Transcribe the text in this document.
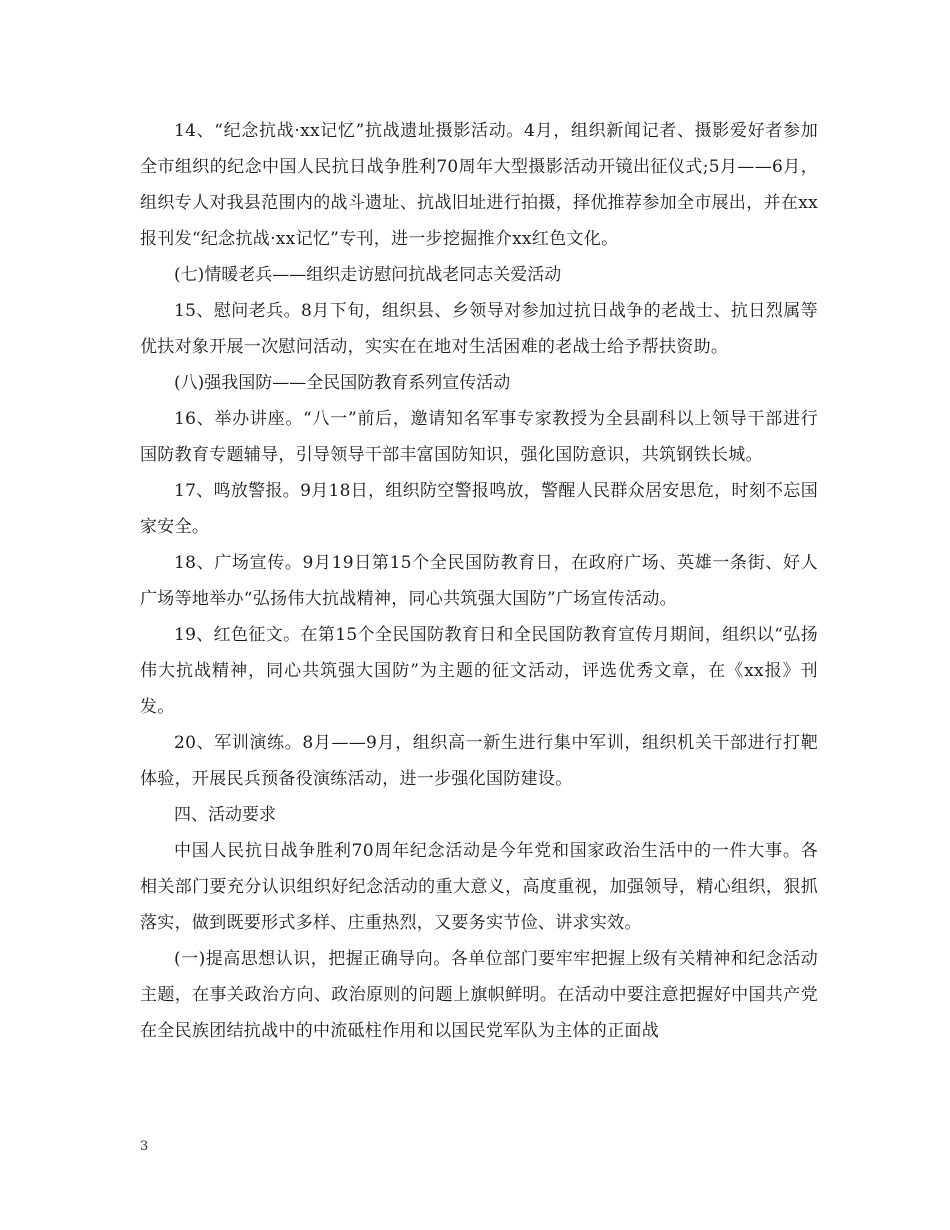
14、“纪念抗战·xx记忆”抗战遗址摄影活动。4月，组织新闻记者、摄影爱好者参加全市组织的纪念中国人民抗日战争胜利70周年大型摄影活动开镜出征仪式;5月——6月，组织专人对我县范围内的战斗遗址、抗战旧址进行拍摄，择优推荐参加全市展出，并在xx报刊发“纪念抗战·xx记忆”专刊，进一步挖掘推介xx红色文化。

(七)情暖老兵——组织走访慰问抗战老同志关爱活动

15、慰问老兵。8月下旬，组织县、乡领导对参加过抗日战争的老战士、抗日烈属等优扶对象开展一次慰问活动，实实在在地对生活困难的老战士给予帮扶资助。

(八)强我国防——全民国防教育系列宣传活动

16、举办讲座。“八一”前后，邀请知名军事专家教授为全县副科以上领导干部进行国防教育专题辅导，引导领导干部丰富国防知识，强化国防意识，共筑钢铁长城。

17、鸣放警报。9月18日，组织防空警报鸣放，警醒人民群众居安思危，时刻不忘国家安全。

18、广场宣传。9月19日第15个全民国防教育日，在政府广场、英雄一条街、好人广场等地举办“弘扬伟大抗战精神，同心共筑强大国防”广场宣传活动。

19、红色征文。在第15个全民国防教育日和全民国防教育宣传月期间，组织以“弘扬伟大抗战精神，同心共筑强大国防”为主题的征文活动，评选优秀文章，在《xx报》刊发。

20、军训演练。8月——9月，组织高一新生进行集中军训，组织机关干部进行打靶体验，开展民兵预备役演练活动，进一步强化国防建设。

四、活动要求

中国人民抗日战争胜利70周年纪念活动是今年党和国家政治生活中的一件大事。各相关部门要充分认识组织好纪念活动的重大意义，高度重视，加强领导，精心组织，狠抓落实，做到既要形式多样、庄重热烈，又要务实节俭、讲求实效。

(一)提高思想认识，把握正确导向。各单位部门要牢牢把握上级有关精神和纪念活动主题，在事关政治方向、政治原则的问题上旗帜鲜明。在活动中要注意把握好中国共产党在全民族团结抗战中的中流砥柱作用和以国民党军队为主体的正面战

3
